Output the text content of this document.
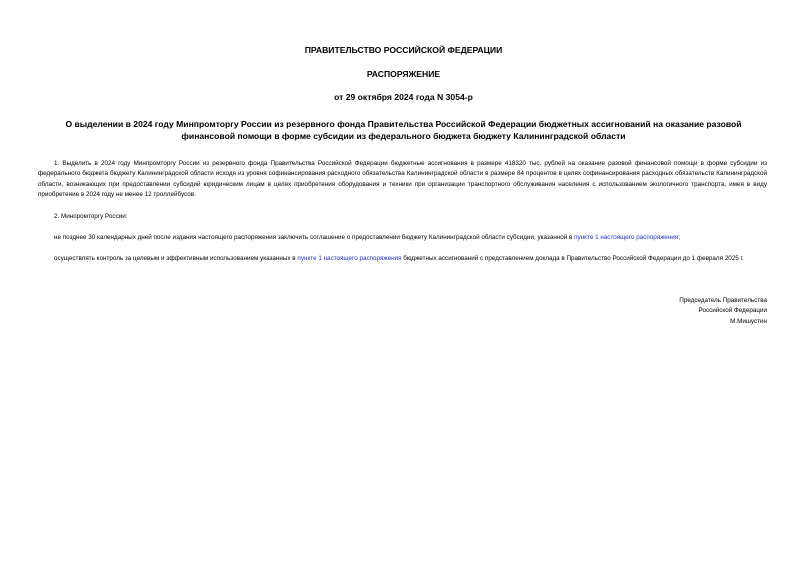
ПРАВИТЕЛЬСТВО РОССИЙСКОЙ ФЕДЕРАЦИИ
РАСПОРЯЖЕНИЕ
от 29 октября 2024 года N 3054-р
О выделении в 2024 году Минпромторгу России из резервного фонда Правительства Российской Федерации бюджетных ассигнований на оказание разовой финансовой помощи в форме субсидии из федерального бюджета бюджету Калининградской области
1. Выделить в 2024 году Минпромторгу России из резервного фонда Правительства Российской Федерации бюджетные ассигнования в размере 418320 тыс. рублей на оказание разовой финансовой помощи в форме субсидии из федерального бюджета бюджету Калининградской области исходя из уровня софинансирования расходного обязательства Калининградской области в размере 84 процентов в целях софинансирования расходных обязательств Калининградской области, возникающих при предоставлении субсидий юридическим лицам в целях приобретения оборудования и техники при организации транспортного обслуживания населения с использованием экологичного транспорта, имея в виду приобретение в 2024 году не менее 12 троллейбусов.
2. Минпромторгу России:
не позднее 30 календарных дней после издания настоящего распоряжения заключить соглашение о предоставлении бюджету Калининградской области субсидии, указанной в пункте 1 настоящего распоряжения;
осуществлять контроль за целевым и эффективным использованием указанных в пункте 1 настоящего распоряжения бюджетных ассигнований с представлением доклада в Правительство Российской Федерации до 1 февраля 2025 г.
Председатель Правительства
Российской Федерации
М.Мишустин
